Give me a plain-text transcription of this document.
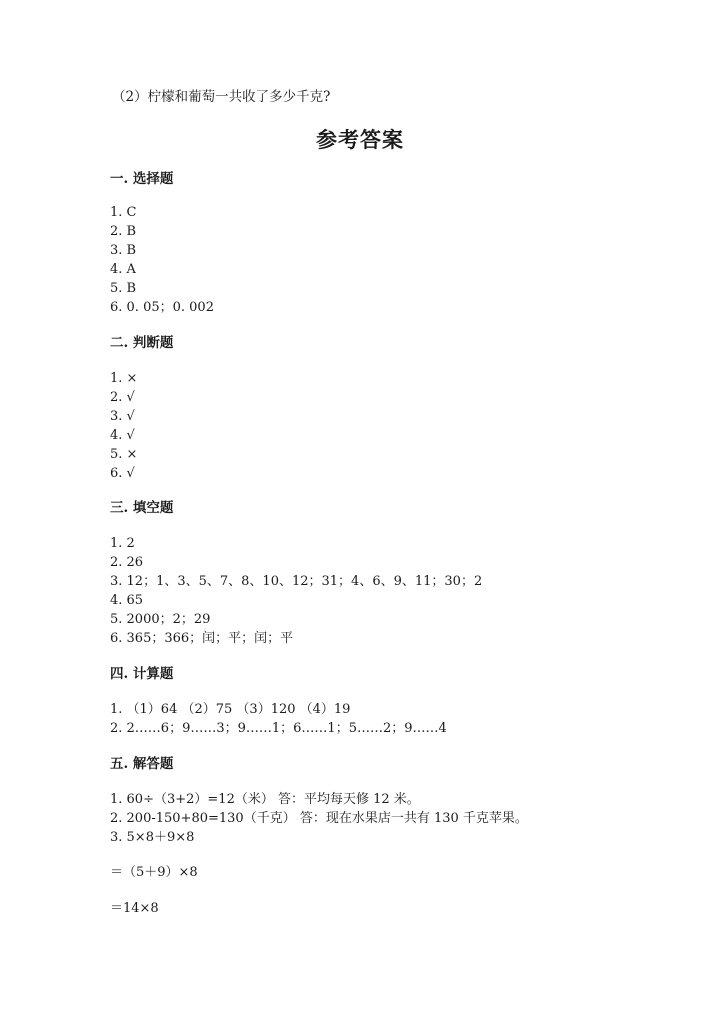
（2）柠檬和葡萄一共收了多少千克?
参考答案
一. 选择题
1. C
2. B
3. B
4. A
5. B
6. 0. 05；0. 002
二. 判断题
1. ×
2. √
3. √
4. √
5. ×
6. √
三. 填空题
1. 2
2. 26
3. 12；1、3、5、7、8、10、12；31；4、6、9、11；30；2
4. 65
5. 2000；2；29
6. 365；366；闰；平；闰；平
四. 计算题
1. （1）64 （2）75 （3）120 （4）19
2. 2……6；9……3；9……1；6……1；5……2；9……4
五. 解答题
1. 60÷（3+2）=12（米） 答：平均每天修 12 米。
2. 200-150+80=130（千克） 答：现在水果店一共有 130 千克苹果。
3. 5×8＋9×8
＝（5＋9）×8
＝14×8
